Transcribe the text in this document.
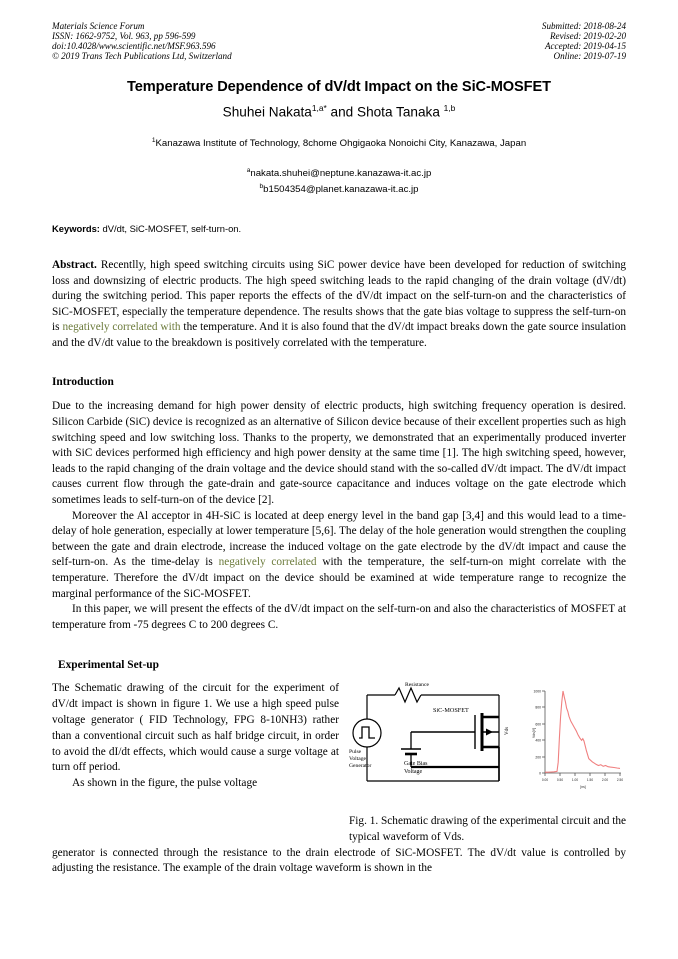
Materials Science Forum
ISSN: 1662-9752, Vol. 963, pp 596-599
doi:10.4028/www.scientific.net/MSF.963.596
© 2019 Trans Tech Publications Ltd, Switzerland
Submitted: 2018-08-24
Revised: 2019-02-20
Accepted: 2019-04-15
Online: 2019-07-19
Temperature Dependence of dV/dt Impact on the SiC-MOSFET
Shuhei Nakata$^{1,a*}$ and Shota Tanaka $^{1,b}$
$^1$Kanazawa Institute of Technology, 8chome Ohgigaoka Nonoichi City, Kanazawa, Japan
$^a$nakata.shuhei@neptune.kanazawa-it.ac.jp
$^b$b1504354@planet.kanazawa-it.ac.jp
Keywords: dV/dt, SiC-MOSFET, self-turn-on.
Abstract. Recentlly, high speed switching circuits using SiC power device have been developed for reduction of switching loss and downsizing of electric products. The high speed switching leads to the rapid changing of the drain voltage (dV/dt) during the switching period. This paper reports the effects of the dV/dt impact on the self-turn-on and the characteristics of SiC-MOSFET, especially the temperature dependence. The results shows that the gate bias voltage to suppress the self-turn-on is negatively correlated with the temperature. And it is also found that the dV/dt impact breaks down the gate source insulation and the dV/dt value to the breakdown is positively correlated with the temperature.
Introduction
Due to the increasing demand for high power density of electric products, high switching frequency operation is desired. Silicon Carbide (SiC) device is recognized as an alternative of Silicon device because of their excellent properties such as high switching speed and low switching loss. Thanks to the property, we demonstrated that an experimentally produced inverter with SiC devices performed high efficiency and high power density at the same time [1]. The high switching speed, however, leads to the rapid changing of the drain voltage and the device should stand with the so-called dV/dt impact. The dV/dt impact causes current flow through the gate-drain and gate-source capacitance and induces voltage on the gate electrode which sometimes leads to self-turn-on of the device [2].
Moreover the Al acceptor in 4H-SiC is located at deep energy level in the band gap [3,4] and this would lead to a time-delay of hole generation, especially at lower temperature [5,6]. The delay of the hole generation would strengthen the coupling between the gate and drain electrode, increase the induced voltage on the gate electrode by the dV/dt impact and cause the self-turn-on. As the time-delay is negatively correlated with the temperature, the self-turn-on might correlate with the temperature. Therefore the dV/dt impact on the device should be examined at wide temperature range to recognize the marginal performance of the SiC-MOSFET.
In this paper, we will present the effects of the dV/dt impact on the self-turn-on and also the characteristics of MOSFET at temperature from -75 degrees C to 200 degrees C.
Experimental Set-up

The Schematic drawing of the circuit for the experiment of dV/dt impact is shown in figure 1. We use a high speed pulse voltage generator ( FID Technology, FPG 8-10NH3) rather than a conventional circuit such as half bridge circuit, in order to avoid the dI/dt effects, which would cause a surge voltage at turn off period.

As shown in the figure, the pulse voltage

Resistance
SiC-MOSFET
Pulse Voltage Generator	Gate Bias Voltage
Vds
1000
800
600
400
200
0
0.00	0.50	1.00	1.50	2.00	2.50
Vds[V]
[ns]
Fig. 1. Schematic drawing of the experimental circuit and the typical waveform of Vds.
generator is connected through the resistance to the drain electrode of SiC-MOSFET. The dV/dt value is controlled by adjusting the resistance. The example of the drain voltage waveform is shown in the
